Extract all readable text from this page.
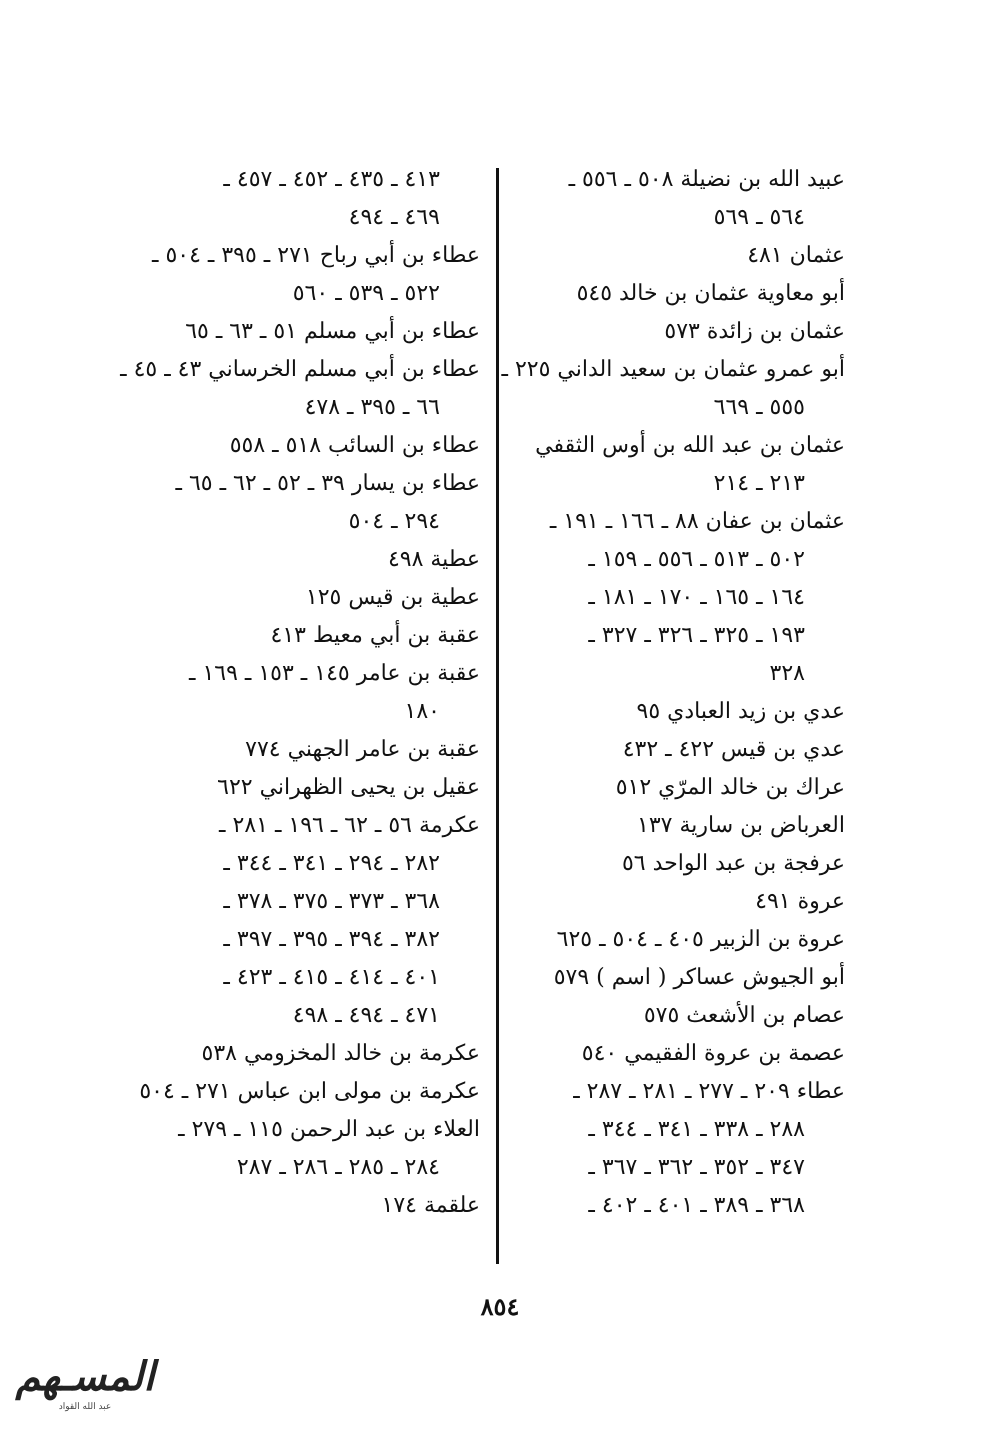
عبيد الله بن نضيلة ٥٠٨ ـ ٥٥٦ ـ
٥٦٤ ـ ٥٦٩
عثمان ٤٨١
أبو معاوية عثمان بن خالد ٥٤٥
عثمان بن زائدة ٥٧٣
أبو عمرو عثمان بن سعيد الداني ٢٢٥ ـ
٥٥٥ ـ ٦٦٩
عثمان بن عبد الله بن أوس الثقفي
٢١٣ ـ ٢١٤
عثمان بن عفان ٨٨ ـ ١٦٦ ـ ١٩١ ـ
٥٠٢ ـ ٥١٣ ـ ٥٥٦ ـ ١٥٩ ـ
١٦٤ ـ ١٦٥ ـ ١٧٠ ـ ١٨١ ـ
١٩٣ ـ ٣٢٥ ـ ٣٢٦ ـ ٣٢٧ ـ
٣٢٨
عدي بن زيد العبادي ٩٥
عدي بن قيس ٤٢٢ ـ ٤٣٢
عراك بن خالد المرّي ٥١٢
العرباض بن سارية ١٣٧
عرفجة بن عبد الواحد ٥٦
عروة ٤٩١
عروة بن الزبير ٤٠٥ ـ ٥٠٤ ـ ٦٢٥
أبو الجيوش عساكر ( اسم ) ٥٧٩
عصام بن الأشعث ٥٧٥
عصمة بن عروة الفقيمي ٥٤٠
عطاء ٢٠٩ ـ ٢٧٧ ـ ٢٨١ ـ ٢٨٧ ـ
٢٨٨ ـ ٣٣٨ ـ ٣٤١ ـ ٣٤٤ ـ
٣٤٧ ـ ٣٥٢ ـ ٣٦٢ ـ ٣٦٧ ـ
٣٦٨ ـ ٣٨٩ ـ ٤٠١ ـ ٤٠٢ ـ
٤١٣ ـ ٤٣٥ ـ ٤٥٢ ـ ٤٥٧ ـ
٤٦٩ ـ ٤٩٤
عطاء بن أبي رباح ٢٧١ ـ ٣٩٥ ـ ٥٠٤ ـ
٥٢٢ ـ ٥٣٩ ـ ٥٦٠
عطاء بن أبي مسلم ٥١ ـ ٦٣ ـ ٦٥
عطاء بن أبي مسلم الخرساني ٤٣ ـ ٤٥ ـ
٦٦ ـ ٣٩٥ ـ ٤٧٨
عطاء بن السائب ٥١٨ ـ ٥٥٨
عطاء بن يسار ٣٩ ـ ٥٢ ـ ٦٢ ـ ٦٥ ـ
٢٩٤ ـ ٥٠٤
عطية ٤٩٨
عطية بن قيس ١٢٥
عقبة بن أبي معيط ٤١٣
عقبة بن عامر ١٤٥ ـ ١٥٣ ـ ١٦٩ ـ
١٨٠
عقبة بن عامر الجهني ٧٧٤
عقيل بن يحيى الظهراني ٦٢٢
عكرمة ٥٦ ـ ٦٢ ـ ١٩٦ ـ ٢٨١ ـ
٢٨٢ ـ ٢٩٤ ـ ٣٤١ ـ ٣٤٤ ـ
٣٦٨ ـ ٣٧٣ ـ ٣٧٥ ـ ٣٧٨ ـ
٣٨٢ ـ ٣٩٤ ـ ٣٩٥ ـ ٣٩٧ ـ
٤٠١ ـ ٤١٤ ـ ٤١٥ ـ ٤٢٣ ـ
٤٧١ ـ ٤٩٤ ـ ٤٩٨
عكرمة بن خالد المخزومي ٥٣٨
عكرمة بن مولى ابن عباس ٢٧١ ـ ٥٠٤
العلاء بن عبد الرحمن ١١٥ ـ ٢٧٩ ـ
٢٨٤ ـ ٢٨٥ ـ ٢٨٦ ـ ٢٨٧
علقمة ١٧٤
٨٥٤
المسـهم
عبد الله القواد
